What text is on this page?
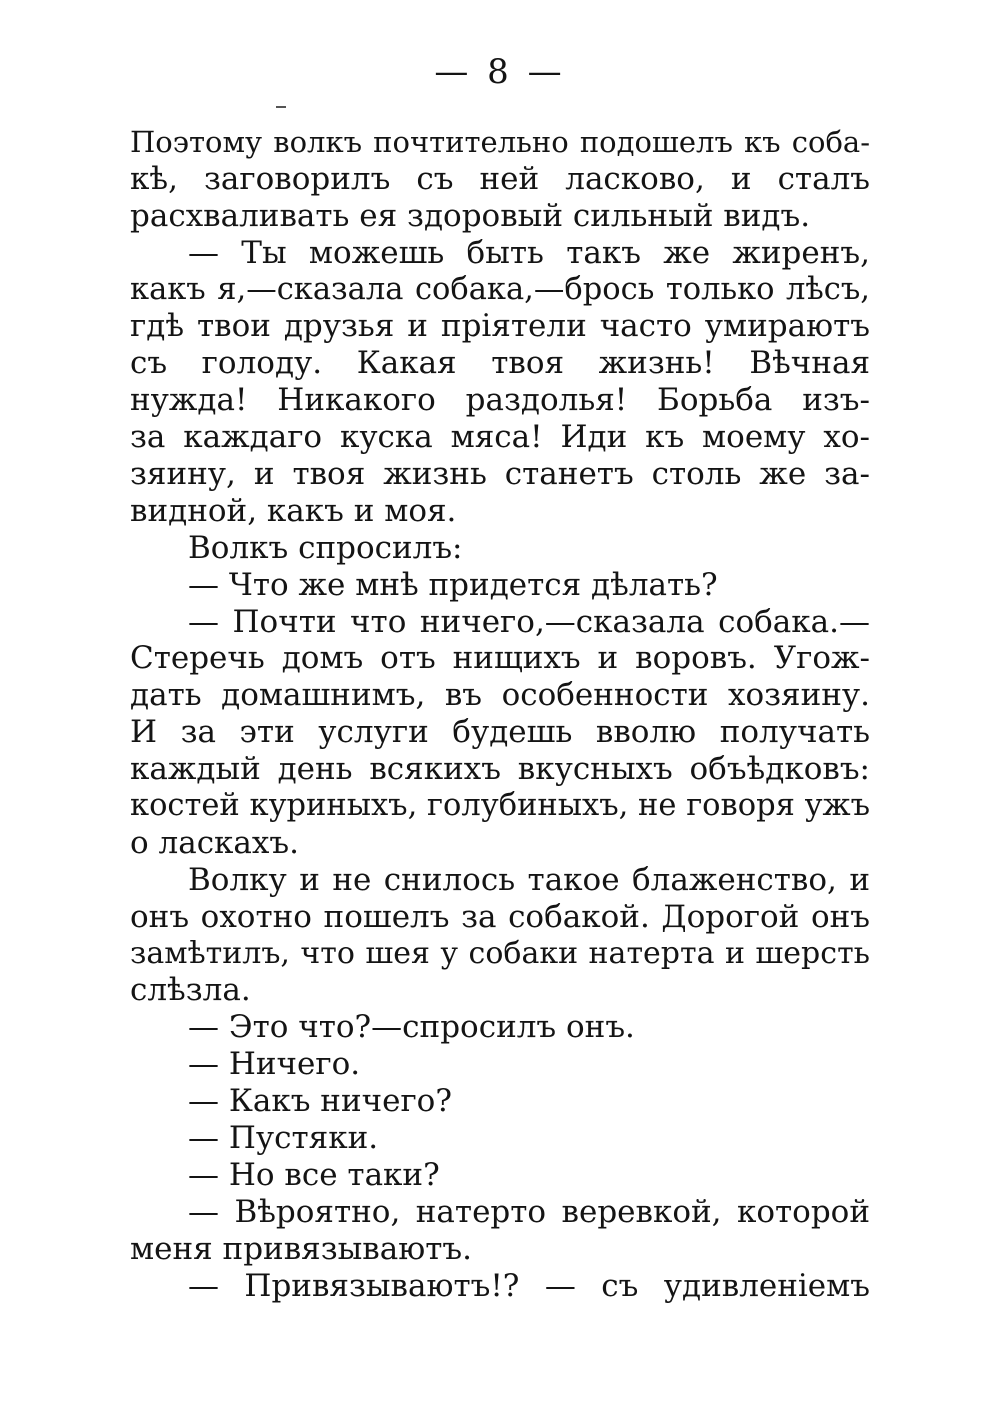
— 8 —
Поэтому волкъ почтительно подошелъ къ соба-
кѣ, заговорилъ съ ней ласково, и сталъ
расхваливать ея здоровый сильный видъ.
— Ты можешь быть такъ же жиренъ,
какъ я,—сказала собака,—брось только лѣсъ,
гдѣ твои друзья и пріятели часто умираютъ
съ голоду. Какая твоя жизнь! Вѣчная
нужда! Никакого раздолья! Борьба изъ-
за каждаго куска мяса! Иди къ моему хо-
зяину, и твоя жизнь станетъ столь же за-
видной, какъ и моя.
Волкъ спросилъ:
— Что же мнѣ придется дѣлать?
— Почти что ничего,—сказала собака.—
Стеречь домъ отъ нищихъ и воровъ. Угож-
дать домашнимъ, въ особенности хозяину.
И за эти услуги будешь вволю получать
каждый день всякихъ вкусныхъ объѣдковъ:
костей куриныхъ, голубиныхъ, не говоря ужъ
о ласкахъ.
Волку и не снилось такое блаженство, и
онъ охотно пошелъ за собакой. Дорогой онъ
замѣтилъ, что шея у собаки натерта и шерсть
слѣзла.
— Это что?—спросилъ онъ.
— Ничего.
— Какъ ничего?
— Пустяки.
— Но все таки?
— Вѣроятно, натерто веревкой, которой
меня привязываютъ.
— Привязываютъ!? — съ удивленіемъ
